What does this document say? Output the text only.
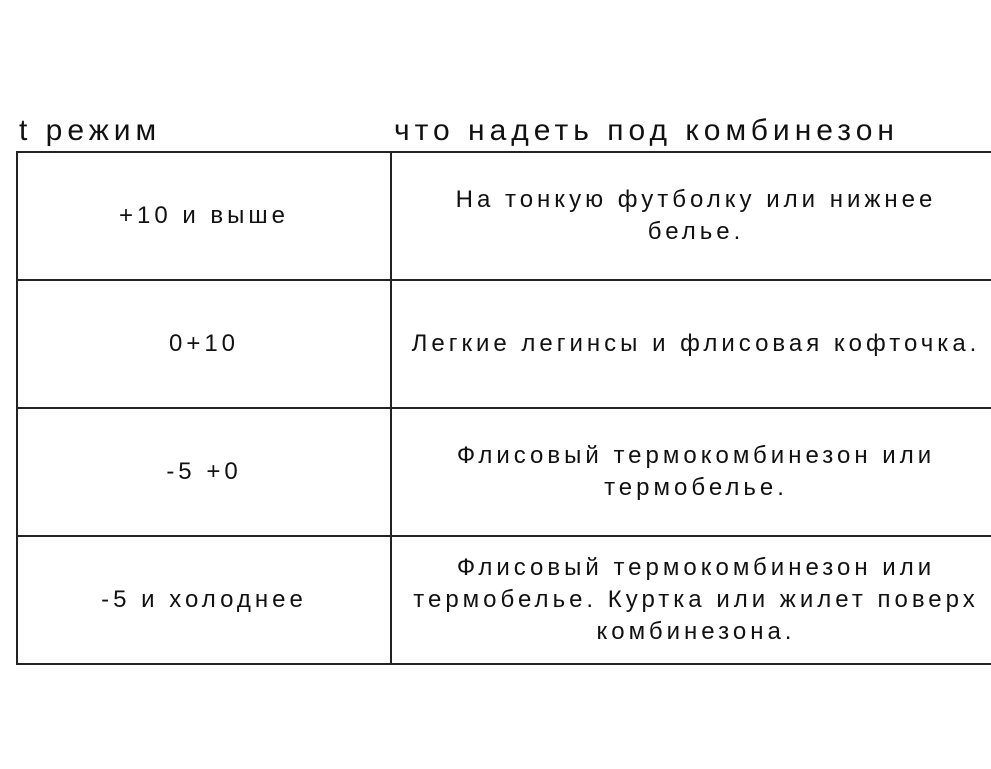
t режим	что надеть под комбинезон
+10 и выше	На тонкую футболку или нижнее белье.
0+10	Легкие легинсы и флисовая кофточка.
-5 +0	Флисовый термокомбинезон или термобелье.
-5 и холоднее	Флисовый термокомбинезон или термобелье. Куртка или жилет поверх комбинезона.
